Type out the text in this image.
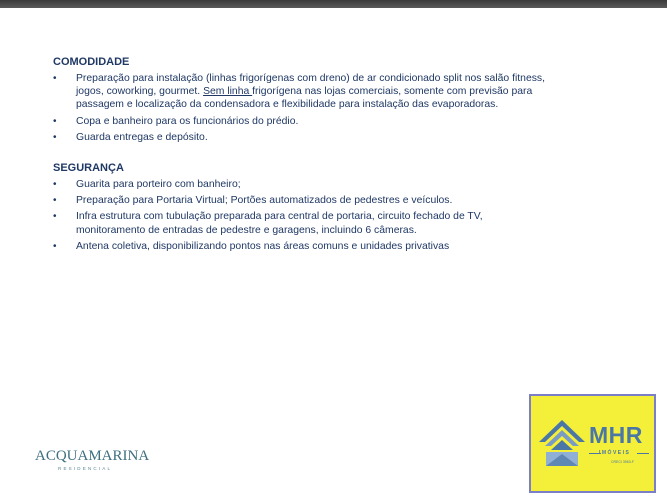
COMODIDADE
• Preparação para instalação (linhas frigorígenas com dreno) de ar condicionado split nos salão fitness, jogos, coworking, gourmet. Sem linha frigorígena nas lojas comerciais, somente com previsão para passagem e localização da condensadora e flexibilidade para instalação das evaporadoras.
• Copa e banheiro para os funcionários do prédio.
• Guarda entregas e depósito.
SEGURANÇA
• Guarita para porteiro com banheiro;
• Preparação para Portaria Virtual; Portões automatizados de pedestres e veículos.
• Infra estrutura com tubulação preparada para central de portaria, circuito fechado de TV, monitoramento de entradas de pedestre e garagens, incluindo 6 câmeras.
• Antena coletiva, disponibilizando pontos nas áreas comuns e unidades privativas
ACQUAMARINA
RESIDENCIAL
MHR
IMÓVEIS
CRECI 3963-F
